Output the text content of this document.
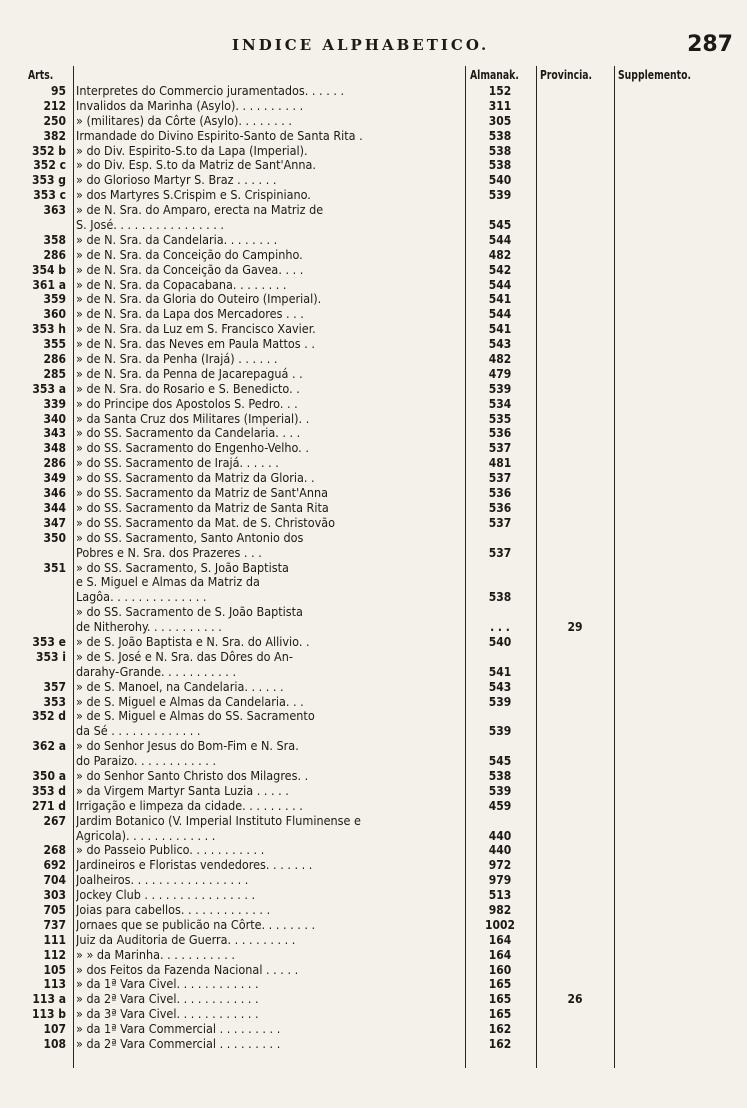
INDICE ALPHABETICO.	287
Arts.	Almanak. Provincia. Supplemento.
95 Interpretes do Commercio juramentados. . . . . .	152
212 Invalidos da Marinha (Asylo). . . . . . . . . .	311
250 » (militares) da Côrte (Asylo). . . . . . . .	305
382 Irmandade do Divino Espirito-Santo de Santa Rita .	538
352 b » do Div. Espirito-S.to da Lapa (Imperial).	538
352 c » do Div. Esp. S.to da Matriz de Sant'Anna.	538
353 g » do Glorioso Martyr S. Braz . . . . . .	540
353 c » dos Martyres S.Crispim e S. Crispiniano.	539
363 » de N. Sra. do Amparo, erecta na Matriz de
S. José. . . . . . . . . . . . . . . .	545
358 » de N. Sra. da Candelaria. . . . . . . .	544
286 » de N. Sra. da Conceição do Campinho.	482
354 b » de N. Sra. da Conceição da Gavea. . . .	542
361 a » de N. Sra. da Copacabana. . . . . . . .	544
359 » de N. Sra. da Gloria do Outeiro (Imperial).	541
360 » de N. Sra. da Lapa dos Mercadores . . .	544
353 h » de N. Sra. da Luz em S. Francisco Xavier.	541
355 » de N. Sra. das Neves em Paula Mattos . .	543
286 » de N. Sra. da Penha (Irajá) . . . . . .	482
285 » de N. Sra. da Penna de Jacarepaguá . .	479
353 a » de N. Sra. do Rosario e S. Benedicto. .	539
339 » do Principe dos Apostolos S. Pedro. . .	534
340 » da Santa Cruz dos Militares (Imperial). .	535
343 » do SS. Sacramento da Candelaria. . . .	536
348 » do SS. Sacramento do Engenho-Velho. .	537
286 » do SS. Sacramento de Irajá. . . . . .	481
349 » do SS. Sacramento da Matriz da Gloria. .	537
346 » do SS. Sacramento da Matriz de Sant'Anna	536
344 » do SS. Sacramento da Matriz de Santa Rita	536
347 » do SS. Sacramento da Mat. de S. Christovão	537
350 » do SS. Sacramento, Santo Antonio dos
Pobres e N. Sra. dos Prazeres . . .	537
351 » do SS. Sacramento, S. João Baptista
e S. Miguel e Almas da Matriz da
Lagôa. . . . . . . . . . . . . .	538
» do SS. Sacramento de S. João Baptista
de Nitherohy. . . . . . . . . . .	. . .	29
353 e » de S. João Baptista e N. Sra. do Allivio. .	540
353 i » de S. José e N. Sra. das Dôres do An-
darahy-Grande. . . . . . . . . . .	541
357 » de S. Manoel, na Candelaria. . . . . .	543
353 » de S. Miguel e Almas da Candelaria. . .	539
352 d » de S. Miguel e Almas do SS. Sacramento
da Sé . . . . . . . . . . . . .	539
362 a » do Senhor Jesus do Bom-Fim e N. Sra.
do Paraizo. . . . . . . . . . . .	545
350 a » do Senhor Santo Christo dos Milagres. .	538
353 d » da Virgem Martyr Santa Luzia . . . . .	539
271 d Irrigação e limpeza da cidade. . . . . . . . .	459
267 Jardim Botanico (V. Imperial Instituto Fluminense e
Agricola). . . . . . . . . . . . .	440
268 » do Passeio Publico. . . . . . . . . . .	440
692 Jardineiros e Floristas vendedores. . . . . . .	972
704 Joalheiros. . . . . . . . . . . . . . . . .	979
303 Jockey Club . . . . . . . . . . . . . . . .	513
705 Joias para cabellos. . . . . . . . . . . . .	982
737 Jornaes que se publicão na Côrte. . . . . . . .	1002
111 Juiz da Auditoria de Guerra. . . . . . . . . .	164
112 » » da Marinha. . . . . . . . . . .	164
105 » dos Feitos da Fazenda Nacional . . . . .	160
113 » da 1ª Vara Civel. . . . . . . . . . . .	165
113 a » da 2ª Vara Civel. . . . . . . . . . . .	165	26
113 b » da 3ª Vara Civel. . . . . . . . . . . .	165
107 » da 1ª Vara Commercial . . . . . . . . .	162
108 » da 2ª Vara Commercial . . . . . . . . .	162
